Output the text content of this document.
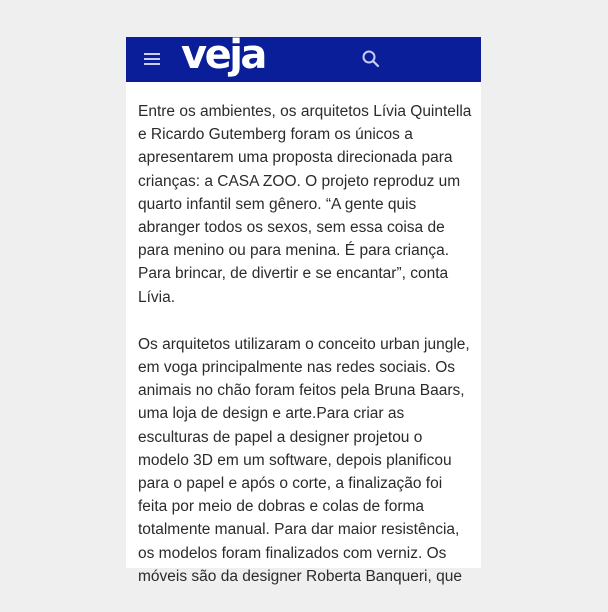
veja

Entre os ambientes, os arquitetos Lívia Quintella e Ricardo Gutemberg foram os únicos a apresentarem uma proposta direcionada para crianças: a CASA ZOO. O projeto reproduz um quarto infantil sem gênero. “A gente quis abranger todos os sexos, sem essa coisa de para menino ou para menina. É para criança. Para brincar, de divertir e se encantar”, conta Lívia.

Os arquitetos utilizaram o conceito urban jungle, em voga principalmente nas redes sociais. Os animais no chão foram feitos pela Bruna Baars, uma loja de design e arte.Para criar as esculturas de papel a designer projetou o modelo 3D em um software, depois planificou para o papel e após o corte, a finalização foi feita por meio de dobras e colas de forma totalmente manual. Para dar maior resistência, os modelos foram finalizados com verniz. Os móveis são da designer Roberta Banqueri, que
